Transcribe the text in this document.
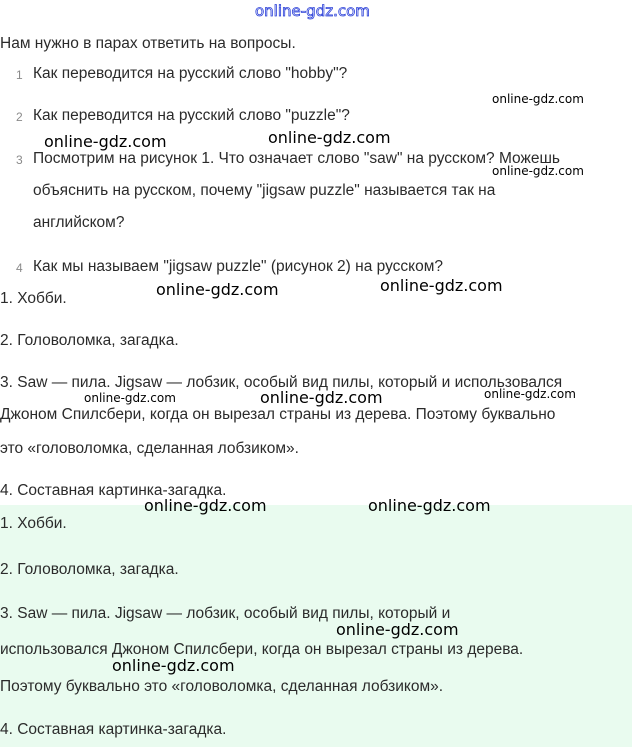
online-gdz.com
Нам нужно в парах ответить на вопросы.
1 Как переводится на русский слово "hobby"?
2 Как переводится на русский слово "puzzle"?
3 Посмотрим на рисунок 1. Что означает слово "saw" на русском? Можешь
объяснить на русском, почему "jigsaw puzzle" называется так на
английском?
4 Как мы называем "jigsaw puzzle" (рисунок 2) на русском?
1. Хобби.
2. Головоломка, загадка.
3. Saw — пила. Jigsaw — лобзик, особый вид пилы, который и использовался
Джоном Спилсбери, когда он вырезал страны из дерева. Поэтому буквально
это «головоломка, сделанная лобзиком».
4. Составная картинка-загадка.
1. Хобби.
2. Головоломка, загадка.
3. Saw — пила. Jigsaw — лобзик, особый вид пилы, который и
использовался Джоном Спилсбери, когда он вырезал страны из дерева.
Поэтому буквально это «головоломка, сделанная лобзиком».
4. Составная картинка-загадка.
online-gdz.com
online-gdz.com	online-gdz.com
online-gdz.com
online-gdz.com	online-gdz.com
online-gdz.com	online-gdz.com	online-gdz.com
online-gdz.com	online-gdz.com
online-gdz.com
online-gdz.com
